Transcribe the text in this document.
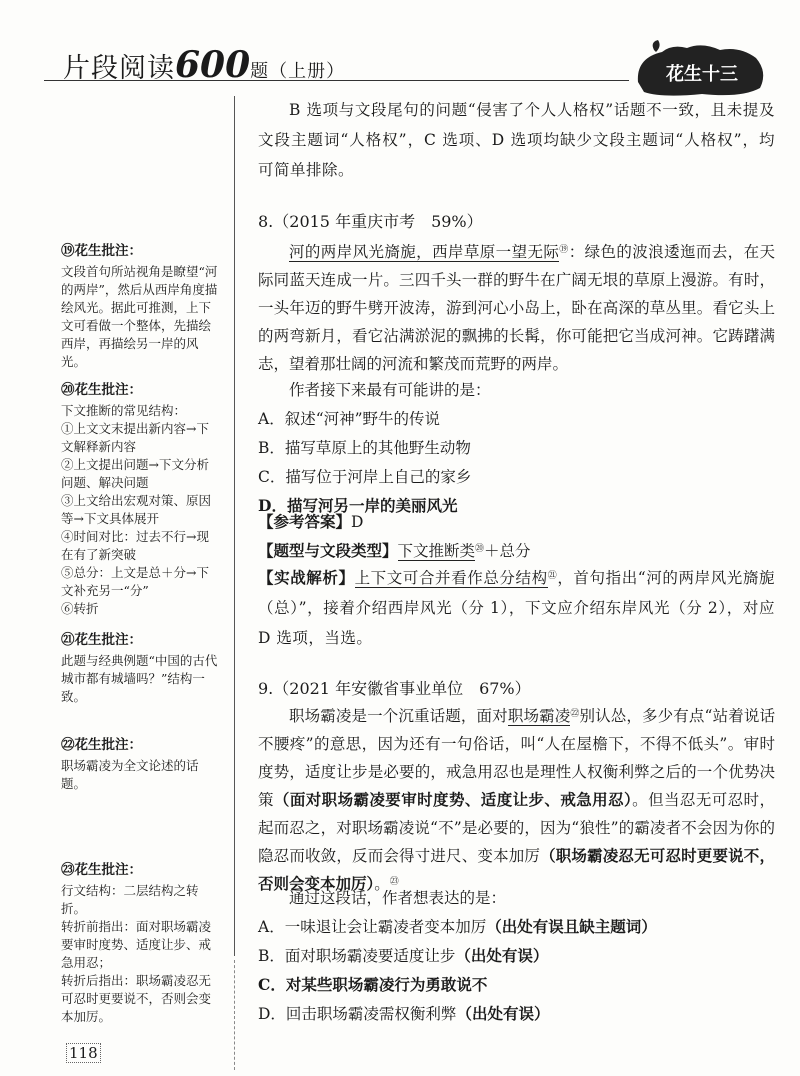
片段阅读600题（上册）	花生十三
B 选项与文段尾句的问题“侵害了个人人格权”话题不一致，且未提及文段主题词“人格权”，C 选项、D 选项均缺少文段主题词“人格权”，均可简单排除。
8.（2015 年重庆市考　59%）
河的两岸风光旖旎，西岸草原一望无际⑲：绿色的波浪逶迤而去，在天际同蓝天连成一片。三四千头一群的野牛在广阔无垠的草原上漫游。有时，一头年迈的野牛劈开波涛，游到河心小岛上，卧在高深的草丛里。看它头上的两弯新月，看它沾满淤泥的飘拂的长髯，你可能把它当成河神。它踌躇满志，望着那壮阔的河流和繁茂而荒野的两岸。
作者接下来最有可能讲的是：
A．叙述“河神”野牛的传说
B．描写草原上的其他野生动物
C．描写位于河岸上自己的家乡
D．描写河另一岸的美丽风光
【参考答案】D
【题型与文段类型】下文推断类⑳＋总分
【实战解析】上下文可合并看作总分结构$^㉑$，首句指出“河的两岸风光旖旎（总）”，接着介绍西岸风光（分 1），下文应介绍东岸风光（分 2），对应 D 选项，当选。
9.（2021 年安徽省事业单位　67%）
职场霸凌是一个沉重话题，面对职场霸凌$^㉒$别认怂，多少有点“站着说话不腰疼”的意思，因为还有一句俗话，叫“人在屋檐下，不得不低头”。审时度势，适度让步是必要的，戒急用忍也是理性人权衡利弊之后的一个优势决策（面对职场霸凌要审时度势、适度让步、戒急用忍）。但当忍无可忍时，起而忍之，对职场霸凌说“不”是必要的，因为“狼性”的霸凌者不会因为你的隐忍而收敛，反而会得寸进尺、变本加厉（职场霸凌忍无可忍时更要说不，否则会变本加厉）。$^㉓$
通过这段话，作者想表达的是：
A．一味退让会让霸凌者变本加厉（出处有误且缺主题词）
B．面对职场霸凌要适度让步（出处有误）
C．对某些职场霸凌行为勇敢说不
D．回击职场霸凌需权衡利弊（出处有误）
⑲花生批注：
文段首句所站视角是瞭望“河的两岸”，然后从西岸角度描绘风光。据此可推测，上下文可看做一个整体，先描绘西岸，再描绘另一岸的风光。
⑳花生批注：
下文推断的常见结构：
①上文文末提出新内容→下文解释新内容
②上文提出问题→下文分析问题、解决问题
③上文给出宏观对策、原因等→下文具体展开
④时间对比：过去不行→现在有了新突破
⑤总分：上文是总＋分→下文补充另一“分”
⑥转折
㉑花生批注：
此题与经典例题“中国的古代城市都有城墙吗？”结构一致。
㉒花生批注：
职场霸凌为全文论述的话题。
㉓花生批注：
行文结构：二层结构之转折。
转折前指出：面对职场霸凌要审时度势、适度让步、戒急用忍；
转折后指出：职场霸凌忍无可忍时更要说不，否则会变本加厉。
118
